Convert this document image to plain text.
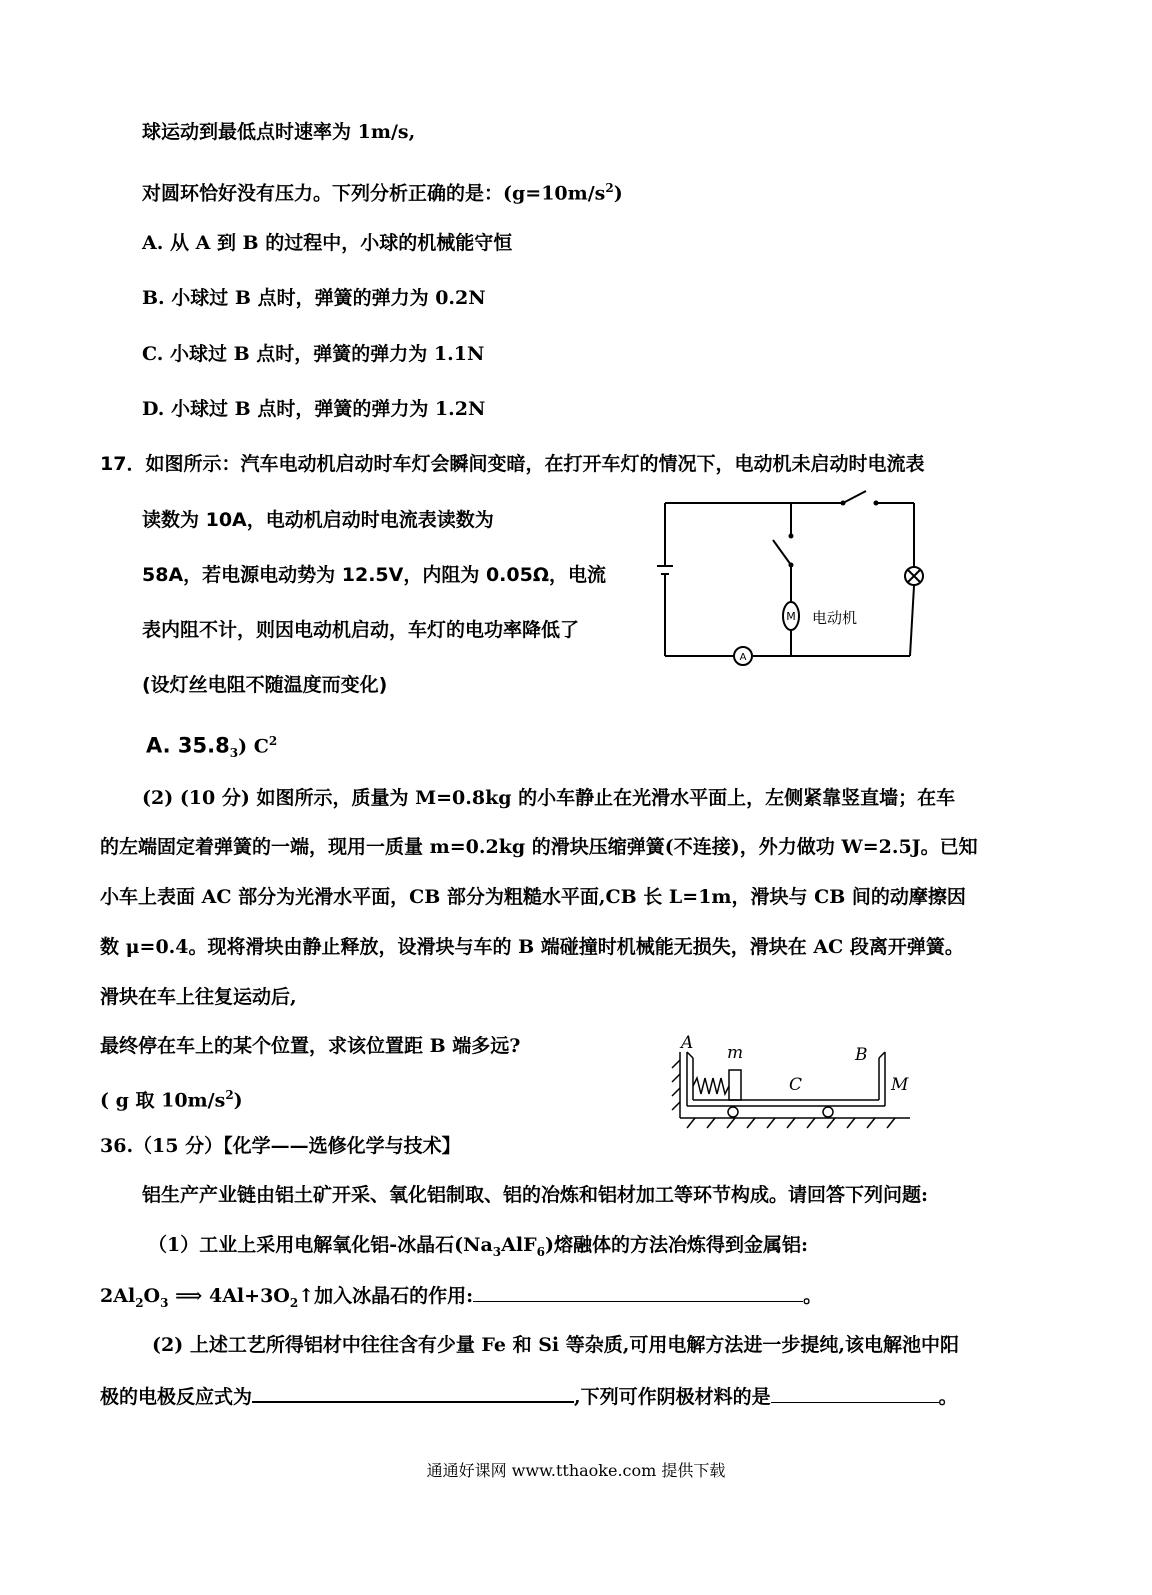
球运动到最低点时速率为 1m/s,
对圆环恰好没有压力。下列分析正确的是：$(g=10m/s^2)$
A. 从 A 到 B 的过程中，小球的机械能守恒
B. 小球过 B 点时，弹簧的弹力为 0.2N
C. 小球过 B 点时，弹簧的弹力为 1.1N
D. 小球过 B 点时，弹簧的弹力为 1.2N
17．如图所示：汽车电动机启动时车灯会瞬间变暗，在打开车灯的情况下，电动机未启动时电流表
读数为 10A，电动机启动时电流表读数为
58A，若电源电动势为 12.5V，内阻为 0.05Ω，电流
表内阻不计，则因电动机启动，车灯的电功率降低了
(设灯丝电阻不随温度而变化)
A. $35.8_3$) $C^2$
M
A
电动机
(2) (10 分) 如图所示，质量为 M=0.8kg 的小车静止在光滑水平面上，左侧紧靠竖直墙；在车
的左端固定着弹簧的一端，现用一质量 m=0.2kg 的滑块压缩弹簧(不连接)，外力做功 W=2.5J。已知
小车上表面 AC 部分为光滑水平面，CB 部分为粗糙水平面,CB 长 L=1m，滑块与 CB 间的动摩擦因
数 μ=0.4。现将滑块由静止释放，设滑块与车的 B 端碰撞时机械能无损失，滑块在 AC 段离开弹簧。
滑块在车上往复运动后,
最终停在车上的某个位置，求该位置距 B 端多远?
( g 取 $10m/s^2$)
A m	B
C	M
36.（15 分）【化学——选修化学与技术】
铝生产产业链由铝土矿开采、氧化铝制取、铝的冶炼和铝材加工等环节构成。请回答下列问题:
（1）工业上采用电解氧化铝-冰晶石$(Na_3AlF_6)$熔融体的方法冶炼得到金属铝:
$2Al_2O_3$ ⟹ $4Al+3O_2↑$加入冰晶石的作用:	。
(2) 上述工艺所得铝材中往往含有少量 Fe 和 Si 等杂质,可用电解方法进一步提纯,该电解池中阳
极的电极反应式为	,下列可作阴极材料的是	。
通通好课网 www.tthaoke.com 提供下载
